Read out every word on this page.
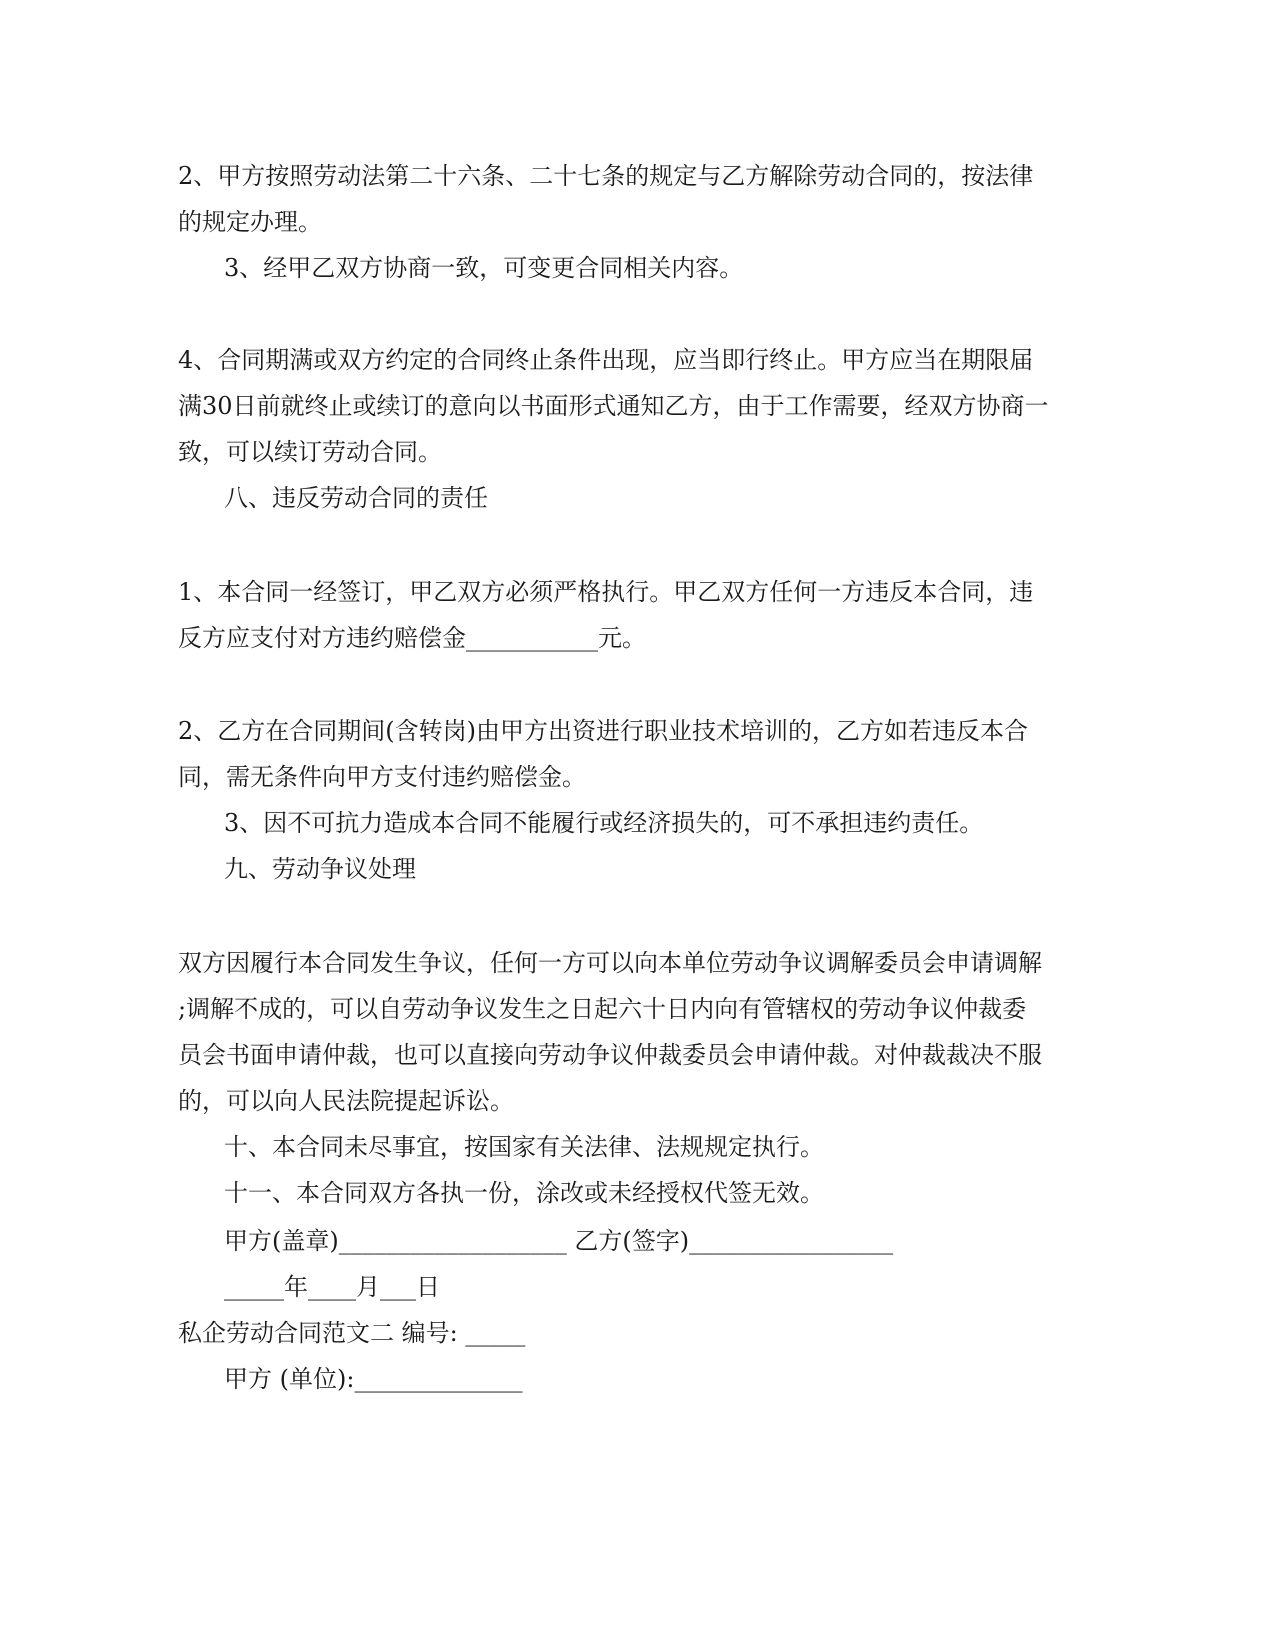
2、甲方按照劳动法第二十六条、二十七条的规定与乙方解除劳动合同的，按法律
的规定办理。
3、经甲乙双方协商一致，可变更合同相关内容。
4、合同期满或双方约定的合同终止条件出现，应当即行终止。甲方应当在期限届
满30日前就终止或续订的意向以书面形式通知乙方，由于工作需要，经双方协商一
致，可以续订劳动合同。
八、违反劳动合同的责任
1、本合同一经签订，甲乙双方必须严格执行。甲乙双方任何一方违反本合同，违
反方应支付对方违约赔偿金___________元。
2、乙方在合同期间(含转岗)由甲方出资进行职业技术培训的，乙方如若违反本合
同，需无条件向甲方支付违约赔偿金。
3、因不可抗力造成本合同不能履行或经济损失的，可不承担违约责任。
九、劳动争议处理
双方因履行本合同发生争议，任何一方可以向本单位劳动争议调解委员会申请调解
;调解不成的，可以自劳动争议发生之日起六十日内向有管辖权的劳动争议仲裁委
员会书面申请仲裁，也可以直接向劳动争议仲裁委员会申请仲裁。对仲裁裁决不服
的，可以向人民法院提起诉讼。
十、本合同未尽事宜，按国家有关法律、法规规定执行。
十一、本合同双方各执一份，涂改或未经授权代签无效。
甲方(盖章)___________________ 乙方(签字)_________________
_____年____月___日
私企劳动合同范文二 编号: _____
甲方 (单位):______________
